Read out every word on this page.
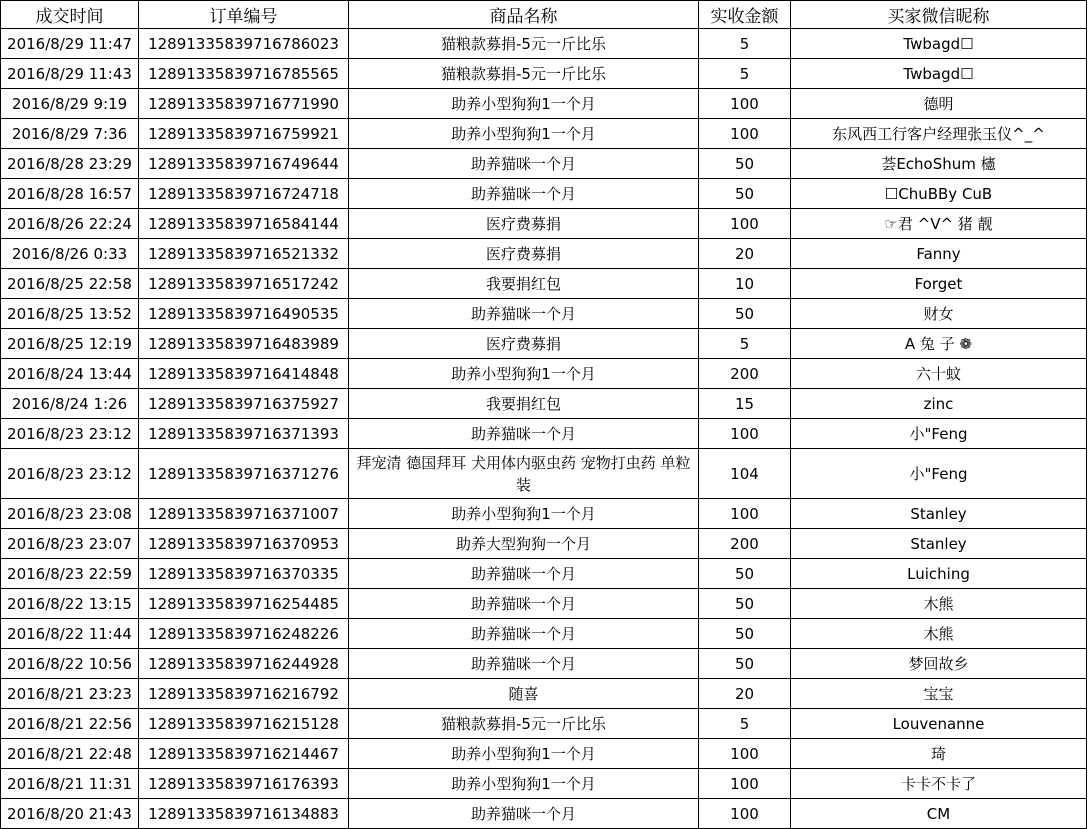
成交时间	订单编号	商品名称	实收金额	买家微信昵称
2016/8/29 11:47	12891335839716786023	猫粮款募捐-5元一斤比乐	5	Twbagd☐
2016/8/29 11:43	12891335839716785565	猫粮款募捐-5元一斤比乐	5	Twbagd☐
2016/8/29 9:19	12891335839716771990	助养小型狗狗1一个月	100	德明
2016/8/29 7:36	12891335839716759921	助养小型狗狗1一个月	100	东风西工行客户经理张玉仪^_^
2016/8/28 23:29	12891335839716749644	助养猫咪一个月	50	荟EchoShum 櫶
2016/8/28 16:57	12891335839716724718	助养猫咪一个月	50	☐ChuBBy CuB
2016/8/26 22:24	12891335839716584144	医疗费募捐	100	☞君 ^V^ 猪 靓
2016/8/26 0:33	12891335839716521332	医疗费募捐	20	Fanny
2016/8/25 22:58	12891335839716517242	我要捐红包	10	Forget
2016/8/25 13:52	12891335839716490535	助养猫咪一个月	50	财女
2016/8/25 12:19	12891335839716483989	医疗费募捐	5	A 兔 子 ❁
2016/8/24 13:44	12891335839716414848	助养小型狗狗1一个月	200	六十蚊
2016/8/24 1:26	12891335839716375927	我要捐红包	15	zinc
2016/8/23 23:12	12891335839716371393	助养猫咪一个月	100	小"Feng
2016/8/23 23:12	12891335839716371276	拜宠清 德国拜耳 犬用体内驱虫药 宠物打虫药 单粒装	104	小"Feng
2016/8/23 23:08	12891335839716371007	助养小型狗狗1一个月	100	Stanley
2016/8/23 23:07	12891335839716370953	助养大型狗狗一个月	200	Stanley
2016/8/23 22:59	12891335839716370335	助养猫咪一个月	50	Luiching
2016/8/22 13:15	12891335839716254485	助养猫咪一个月	50	木熊
2016/8/22 11:44	12891335839716248226	助养猫咪一个月	50	木熊
2016/8/22 10:56	12891335839716244928	助养猫咪一个月	50	梦回故乡
2016/8/21 23:23	12891335839716216792	随喜	20	宝宝
2016/8/21 22:56	12891335839716215128	猫粮款募捐-5元一斤比乐	5	Louvenanne
2016/8/21 22:48	12891335839716214467	助养小型狗狗1一个月	100	琦
2016/8/21 11:31	12891335839716176393	助养小型狗狗1一个月	100	卡卡不卡了
2016/8/20 21:43	12891335839716134883	助养猫咪一个月	100	CM
